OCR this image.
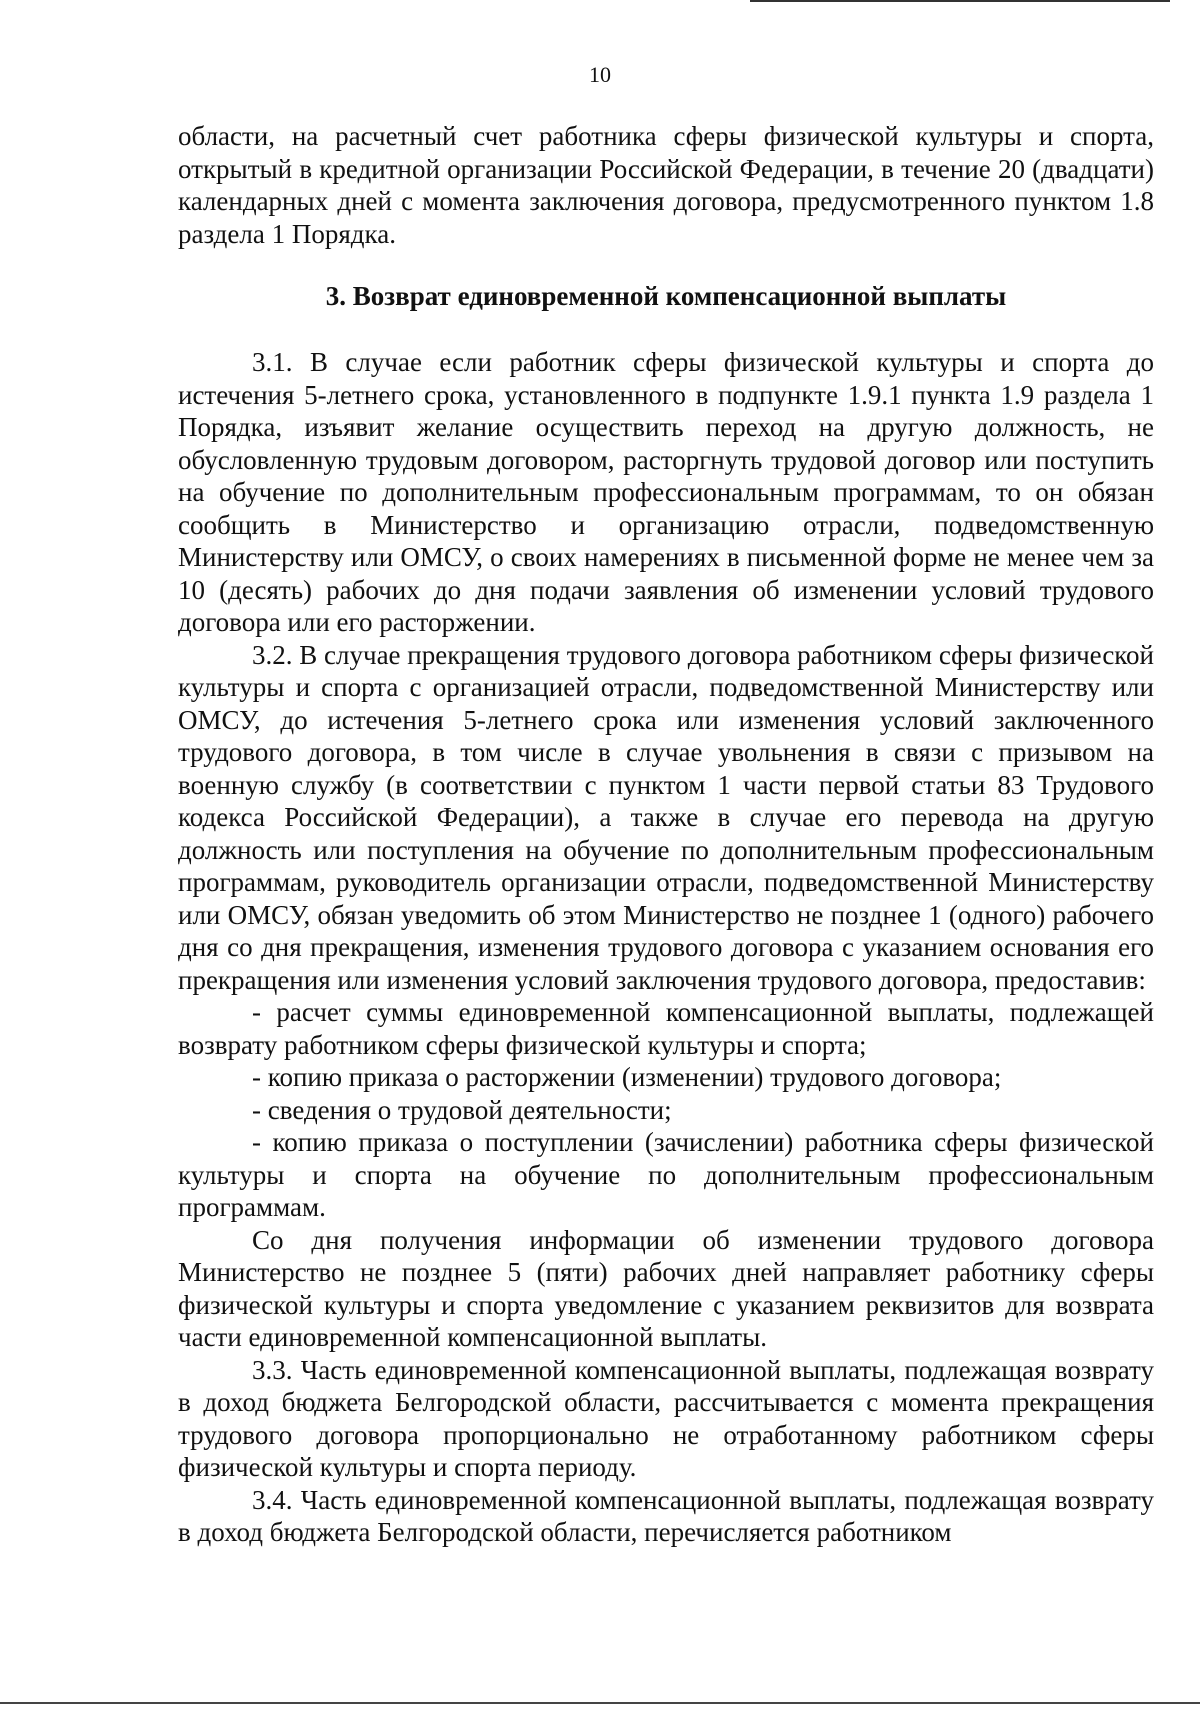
10

области, на расчетный счет работника сферы физической культуры и спорта, открытый в кредитной организации Российской Федерации, в течение 20 (двадцати) календарных дней с момента заключения договора, предусмотренного пунктом 1.8 раздела 1 Порядка.

3. Возврат единовременной компенсационной выплаты

3.1. В случае если работник сферы физической культуры и спорта до истечения 5-летнего срока, установленного в подпункте 1.9.1 пункта 1.9 раздела 1 Порядка, изъявит желание осуществить переход на другую должность, не обусловленную трудовым договором, расторгнуть трудовой договор или поступить на обучение по дополнительным профессиональным программам, то он обязан сообщить в Министерство и организацию отрасли, подведомственную Министерству или ОМСУ, о своих намерениях в письменной форме не менее чем за 10 (десять) рабочих до дня подачи заявления об изменении условий трудового договора или его расторжении.

3.2. В случае прекращения трудового договора работником сферы физической культуры и спорта с организацией отрасли, подведомственной Министерству или ОМСУ, до истечения 5-летнего срока или изменения условий заключенного трудового договора, в том числе в случае увольнения в связи с призывом на военную службу (в соответствии с пунктом 1 части первой статьи 83 Трудового кодекса Российской Федерации), а также в случае его перевода на другую должность или поступления на обучение по дополнительным профессиональным программам, руководитель организации отрасли, подведомственной Министерству или ОМСУ, обязан уведомить об этом Министерство не позднее 1 (одного) рабочего дня со дня прекращения, изменения трудового договора с указанием основания его прекращения или изменения условий заключения трудового договора, предоставив:

- расчет суммы единовременной компенсационной выплаты, подлежащей возврату работником сферы физической культуры и спорта;

- копию приказа о расторжении (изменении) трудового договора;

- сведения о трудовой деятельности;

- копию приказа о поступлении (зачислении) работника сферы физической культуры и спорта на обучение по дополнительным профессиональным программам.

Со дня получения информации об изменении трудового договора Министерство не позднее 5 (пяти) рабочих дней направляет работнику сферы физической культуры и спорта уведомление с указанием реквизитов для возврата части единовременной компенсационной выплаты.

3.3. Часть единовременной компенсационной выплаты, подлежащая возврату в доход бюджета Белгородской области, рассчитывается с момента прекращения трудового договора пропорционально не отработанному работником сферы физической культуры и спорта периоду.

3.4. Часть единовременной компенсационной выплаты, подлежащая возврату в доход бюджета Белгородской области, перечисляется работником
